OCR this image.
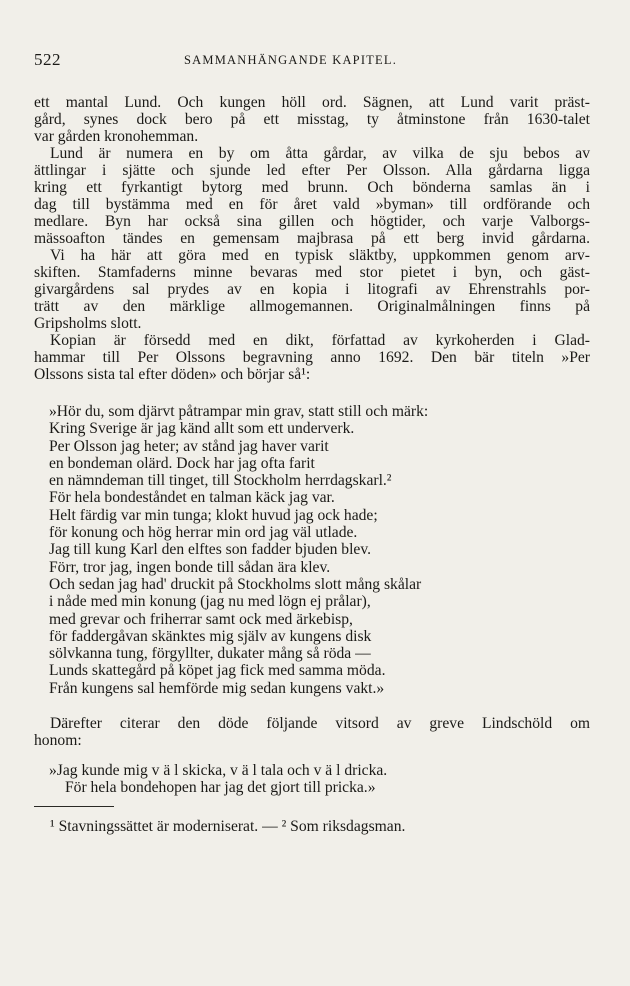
522	SAMMANHÄNGANDE KAPITEL.
ett mantal Lund. Och kungen höll ord. Sägnen, att Lund varit präst-
gård, synes dock bero på ett misstag, ty åtminstone från 1630-talet
var gården kronohemman.
Lund är numera en by om åtta gårdar, av vilka de sju bebos av
ättlingar i sjätte och sjunde led efter Per Olsson. Alla gårdarna ligga
kring ett fyrkantigt bytorg med brunn. Och bönderna samlas än i
dag till bystämma med en för året vald »byman» till ordförande och
medlare. Byn har också sina gillen och högtider, och varje Valborgs-
mässoafton tändes en gemensam majbrasa på ett berg invid gårdarna.
Vi ha här att göra med en typisk släktby, uppkommen genom arv-
skiften. Stamfaderns minne bevaras med stor pietet i byn, och gäst-
givargårdens sal prydes av en kopia i litografi av Ehrenstrahls por-
trätt av den märklige allmogemannen. Originalmålningen finns på
Gripsholms slott.
Kopian är försedd med en dikt, författad av kyrkoherden i Glad-
hammar till Per Olssons begravning anno 1692. Den bär titeln »Per
Olssons sista tal efter döden» och börjar så¹:
»Hör du, som djärvt påtrampar min grav, statt still och märk:
Kring Sverige är jag känd allt som ett underverk.
Per Olsson jag heter; av stånd jag haver varit
en bondeman olärd. Dock har jag ofta farit
en nämndeman till tinget, till Stockholm herrdagskarl.²
För hela bondeståndet en talman käck jag var.
Helt färdig var min tunga; klokt huvud jag ock hade;
för konung och hög herrar min ord jag väl utlade.
Jag till kung Karl den elftes son fadder bjuden blev.
Förr, tror jag, ingen bonde till sådan ära klev.
Och sedan jag had' druckit på Stockholms slott mång skålar
i nåde med min konung (jag nu med lögn ej prålar),
med grevar och friherrar samt ock med ärkebisp,
för faddergåvan skänktes mig själv av kungens disk
sölvkanna tung, förgyllter, dukater mång så röda —
Lunds skattegård på köpet jag fick med samma möda.
Från kungens sal hemförde mig sedan kungens vakt.»
Därefter citerar den döde följande vitsord av greve Lindschöld om
honom:
»Jag kunde mig v ä l skicka, v ä l tala och v ä l dricka.
För hela bondehopen har jag det gjort till pricka.»
¹ Stavningssättet är moderniserat. — ² Som riksdagsman.
